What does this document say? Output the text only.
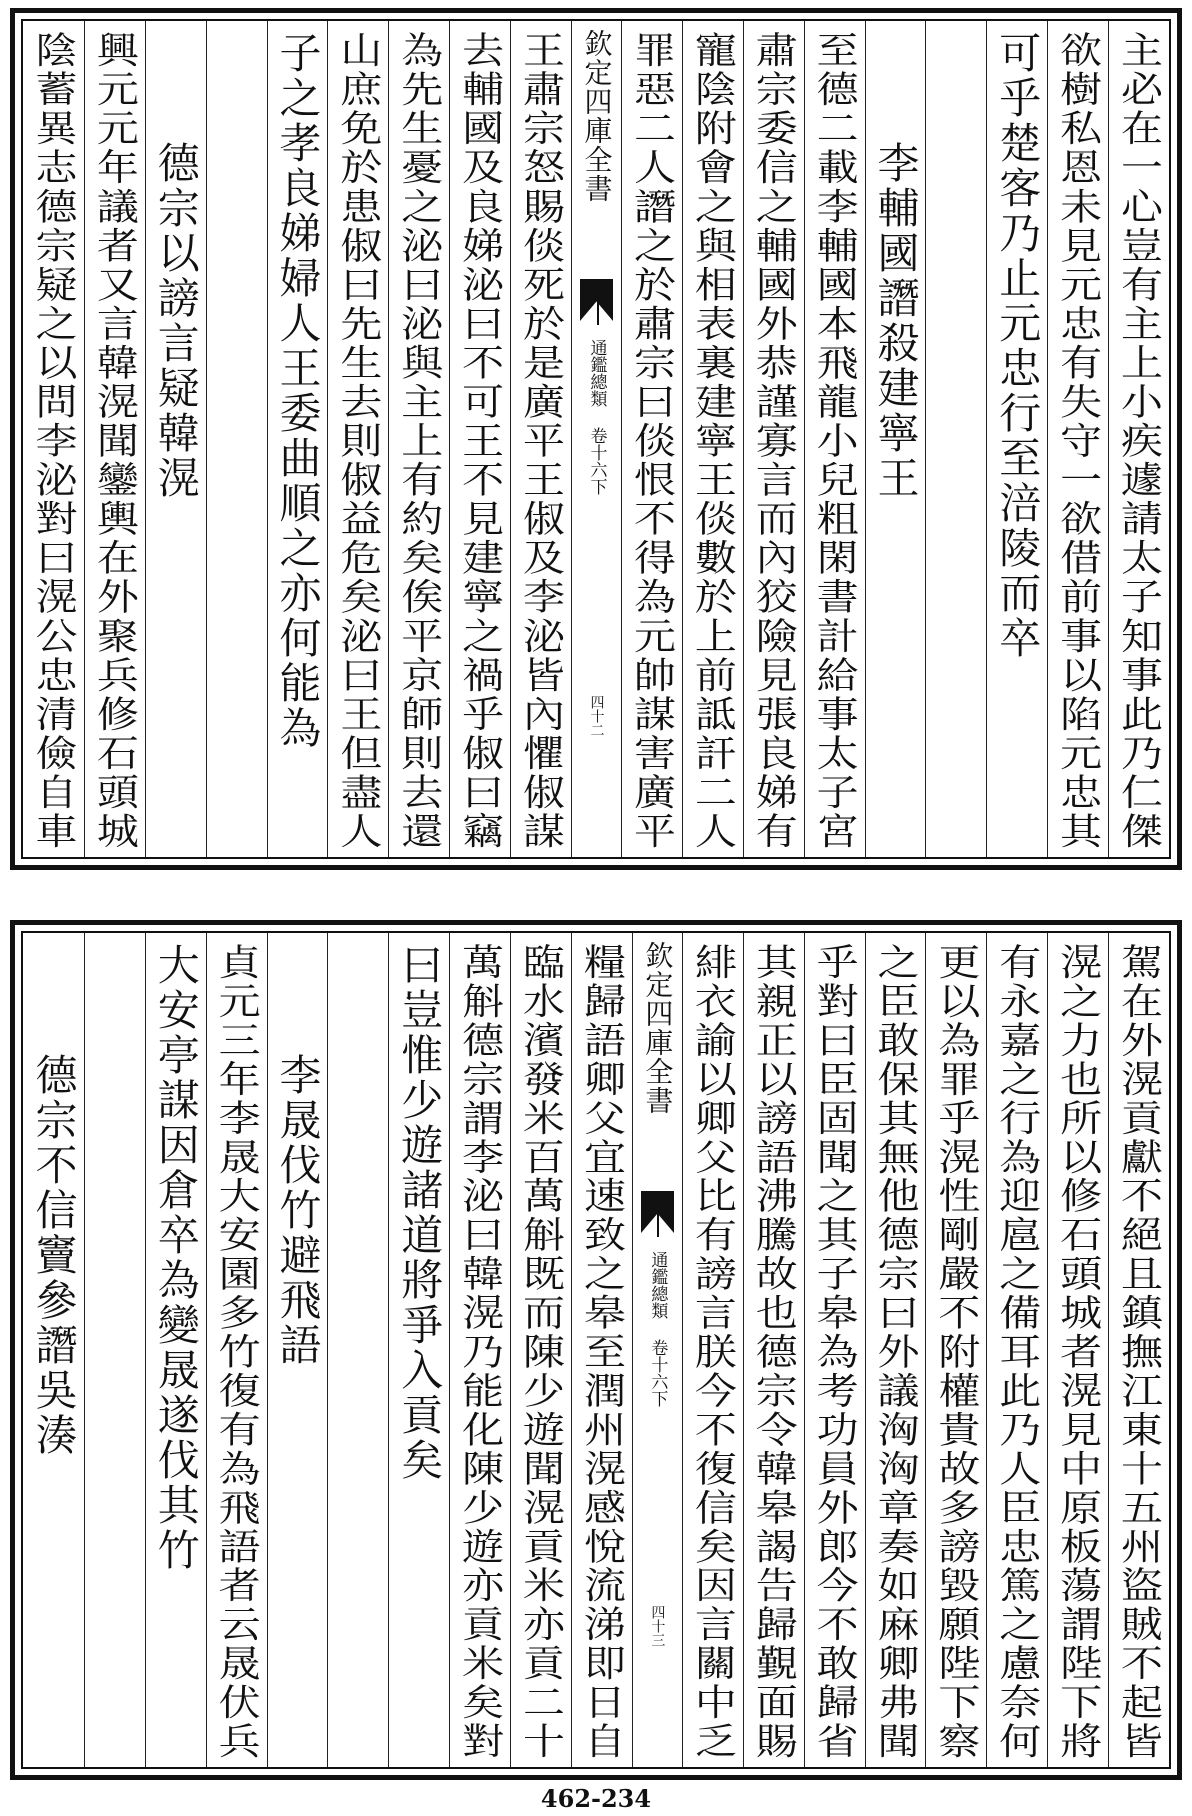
陰蓄異志德宗疑之以問李泌對曰滉公忠清儉自車 興元元年議者又言韓滉聞鑾輿在外聚兵修石頭城 德宗以謗言疑韓滉 子之孝良娣婦人王委曲順之亦何能為 山庶免於患俶曰先生去則俶益危矣泌曰王但盡人 為先生憂之泌曰泌與主上有約矣俟平京師則去還 去輔國及良娣泌曰不可王不見建寧之禍乎俶曰竊 王肅宗怒賜倓死於是廣平王俶及李泌皆內懼俶謀 欽定四庫全書
通鑑總類 卷十六下
四十二 罪惡二人譖之於肅宗曰倓恨不得為元帥謀害廣平 寵陰附會之與相表裏建寧王倓數於上前詆訐二人 肅宗委信之輔國外恭謹寡言而內狡險見張良娣有 至德二載李輔國本飛龍小兒粗閑書計給事太子宮 李輔國譖殺建寧王 可乎楚客乃止元忠行至涪陵而卒 欲樹私恩未見元忠有失守一欲借前事以陷元忠其 主必在一心豈有主上小疾遽請太子知事此乃仁傑
德宗不信竇參譖吳湊 大安亭謀因倉卒為變晟遂伐其竹 貞元三年李晟大安園多竹復有為飛語者云晟伏兵 李晟伐竹避飛語 曰豈惟少遊諸道將爭入貢矣 萬斛德宗謂李泌曰韓滉乃能化陳少遊亦貢米矣對 臨水濱發米百萬斛既而陳少遊聞滉貢米亦貢二十 糧歸語卿父宜速致之皋至潤州滉感悅流涕即日自 欽定四庫全書
通鑑總類 卷十六下
四十三 緋衣諭以卿父比有謗言朕今不復信矣因言關中乏 其親正以謗語沸騰故也德宗令韓皋謁告歸覲面賜 乎對曰臣固聞之其子皋為考功員外郎今不敢歸省 之臣敢保其無他德宗曰外議洶洶章奏如麻卿弗聞 更以為罪乎滉性剛嚴不附權貴故多謗毀願陛下察 有永嘉之行為迎扈之備耳此乃人臣忠篤之慮奈何 滉之力也所以修石頭城者滉見中原板蕩謂陛下將 駕在外滉貢獻不絕且鎮撫江東十五州盜賊不起皆
462-234
